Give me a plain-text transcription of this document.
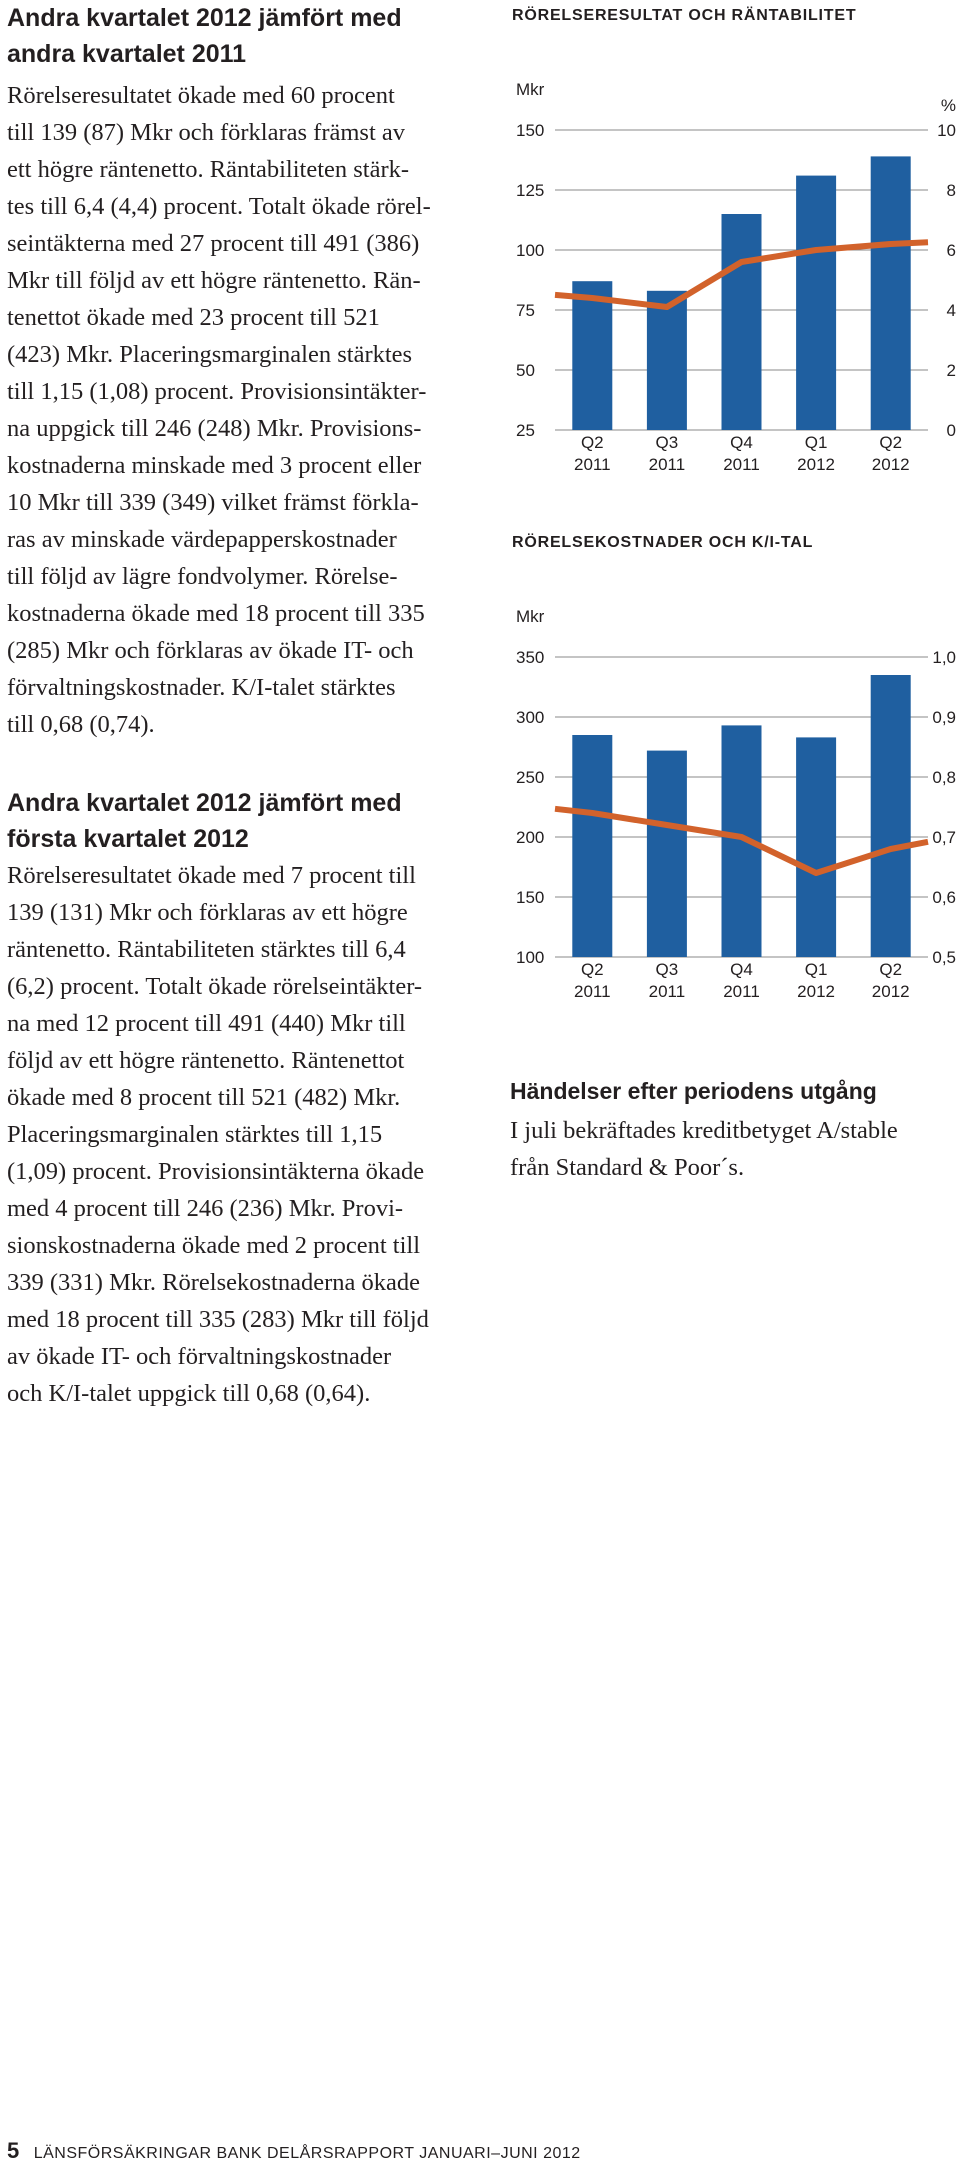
Andra kvartalet 2012 jämfört med
andra kvartalet 2011

Rörelseresultatet ökade med 60 procent
till 139 (87) Mkr och förklaras främst av
ett högre räntenetto. Räntabiliteten stärk-
tes till 6,4 (4,4) procent. Totalt ökade rörel-
seintäkterna med 27 procent till 491 (386)
Mkr till följd av ett högre räntenetto. Rän-
tenettot ökade med 23 procent till 521
(423) Mkr. Placeringsmarginalen stärktes
till 1,15 (1,08) procent. Provisionsintäkter-
na uppgick till 246 (248) Mkr. Provisions-
kostnaderna minskade med 3 procent eller
10 Mkr till 339 (349) vilket främst förkla-
ras av minskade värdepapperskostnader
till följd av lägre fondvolymer. Rörelse-
kostnaderna ökade med 18 procent till 335
(285) Mkr och förklaras av ökade IT- och
förvaltningskostnader. K/I-talet stärktes
till 0,68 (0,74).

Andra kvartalet 2012 jämfört med
första kvartalet 2012

Rörelseresultatet ökade med 7 procent till
139 (131) Mkr och förklaras av ett högre
räntenetto. Räntabiliteten stärktes till 6,4
(6,2) procent. Totalt ökade rörelseintäkter-
na med 12 procent till 491 (440) Mkr till
följd av ett högre räntenetto. Räntenettot
ökade med 8 procent till 521 (482) Mkr.
Placeringsmarginalen stärktes till 1,15
(1,09) procent. Provisionsintäkterna ökade
med 4 procent till 246 (236) Mkr. Provi-
sionskostnaderna ökade med 2 procent till
339 (331) Mkr. Rörelsekostnaderna ökade
med 18 procent till 335 (283) Mkr till följd
av ökade IT- och förvaltningskostnader
och K/I-talet uppgick till 0,68 (0,64).

RÖRELSERESULTAT OCH RÄNTABILITET
Mkr
%
25
50
75
100
125
150
0
2
4
6
8
10
Q2
2011
Q3
2011
Q4
2011
Q1
2012
Q2
2012
RÖRELSEKOSTNADER OCH K/I-TAL
Mkr
100
150
200
250
300
350
0,5
0,6
0,7
0,8
0,9
1,0
Q2
2011
Q3
2011
Q4
2011
Q1
2012
Q2
2012
Händelser efter periodens utgång

I juli bekräftades kreditbetyget A/stable
från Standard & Poor´s.

5 LÄNSFÖRSÄKRINGAR BANK DELÅRSRAPPORT JANUARI–JUNI 2012
